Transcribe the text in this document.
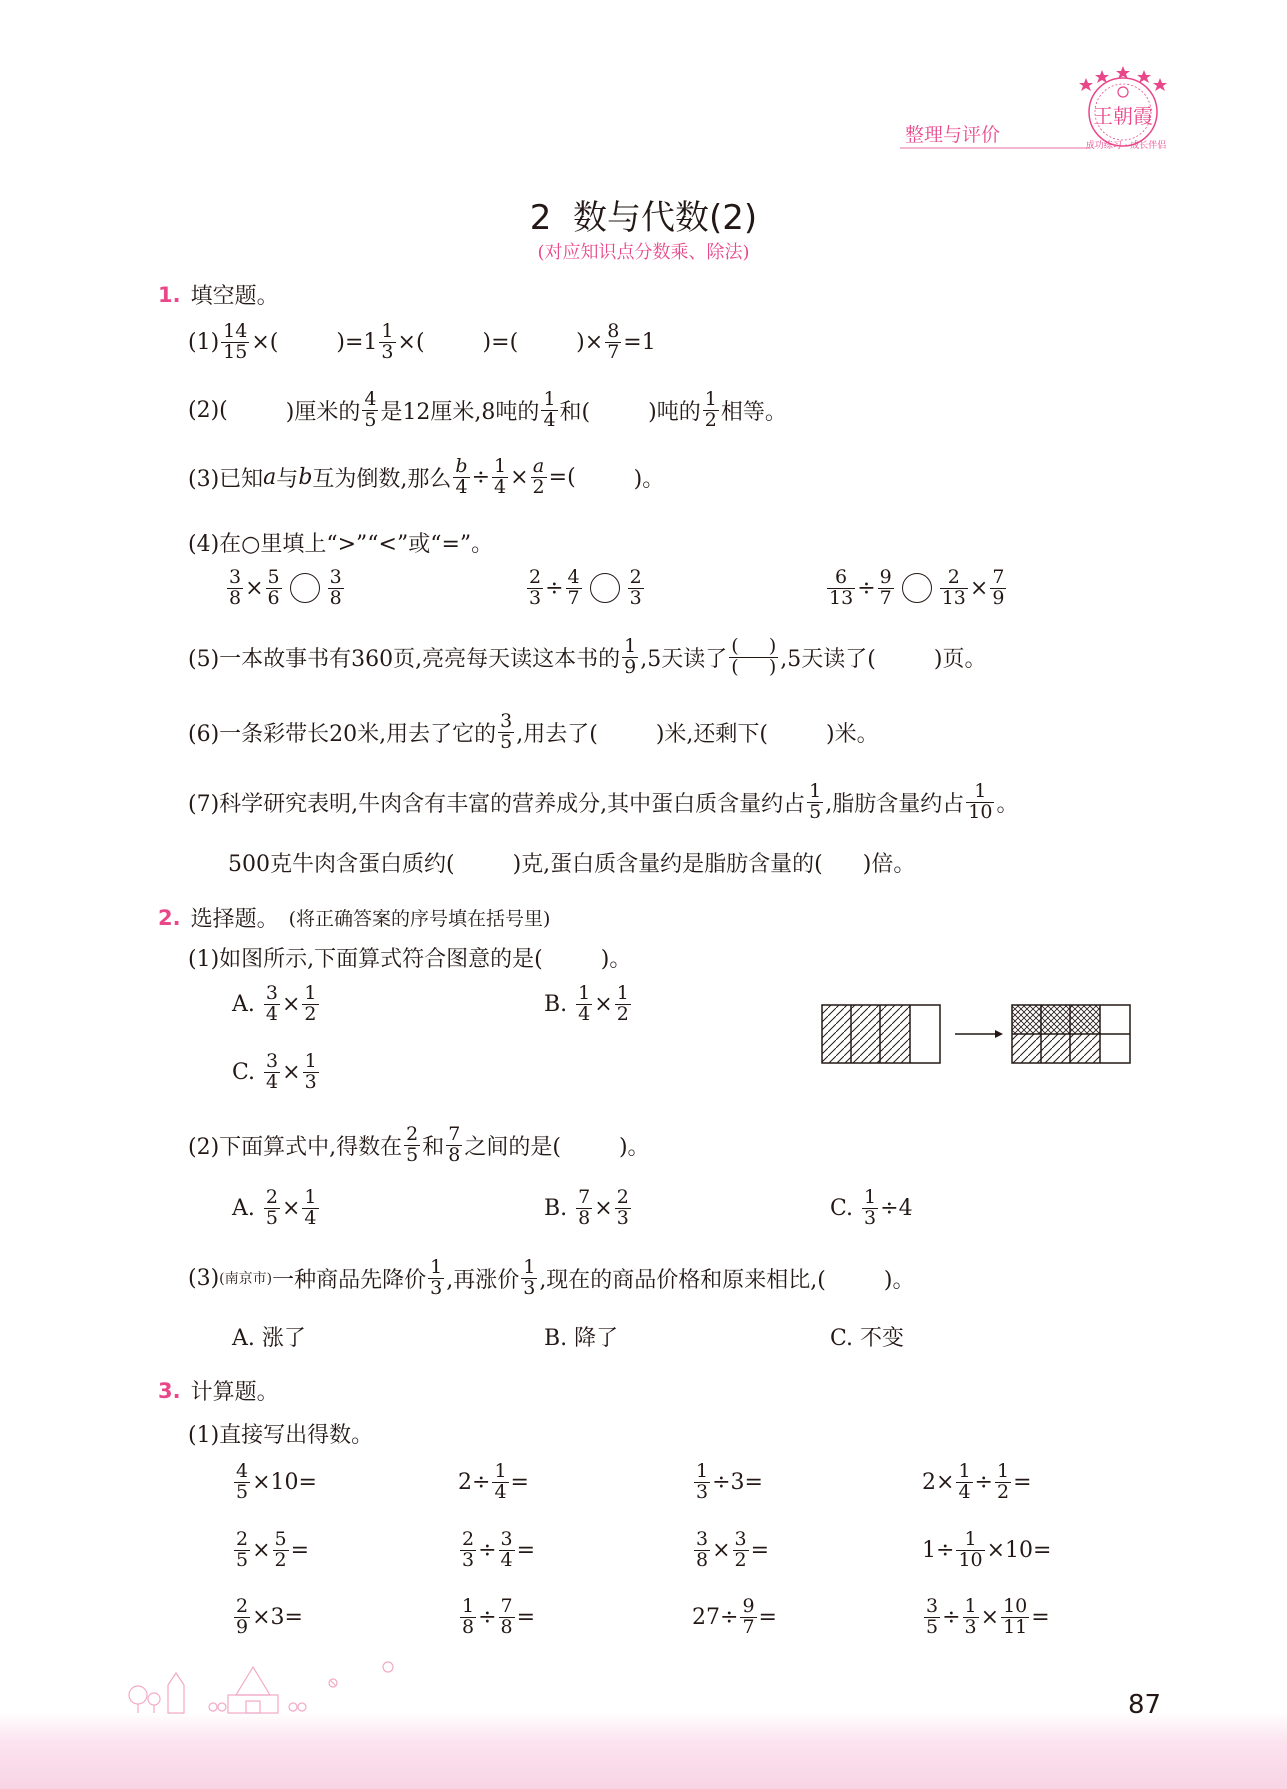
整理与评价
王朝霞
成功练习 · 成长伴侣
2  数与代数(2)
(对应知识点分数乘、除法)
1. 填空题。
$(1) \frac{14}{15}$ ×(	) $=1 \frac{1}{3}$ ×(	)=(	)× $\frac{8}{7} =1$
(2)(	)厘米的 $\frac{4}{5}$ 是12厘米,8吨的 $\frac{1}{4}$ 和(	)吨的 $\frac{1}{2}$ 相等。
(3)已知 a 与 b 互为倒数,那么 $\frac{b}{4} \div \frac{1}{4} \times \frac{a}{2}$ =(	)。
(4)在○里填上“>”“<”或“=”。
$\frac{3}{8} \times \frac{5}{6} \frac{3}{8}$	$\frac{2}{3} \div \frac{4}{7} \frac{2}{3}$	$\frac{6}{13} \div \frac{9}{7} \frac{2}{13} \times \frac{7}{9}$
(5)一本故事书有360页,亮亮每天读这本书的 $\frac{1}{9} ,5$天读了 $\frac{( )}{( )} ,5$天读了(	)页。
(6)一条彩带长20米,用去了它的 $\frac{3}{5}$ ,用去了(	)米,还剩下(	)米。
(7)科学研究表明,牛肉含有丰富的营养成分,其中蛋白质含量约占 $\frac{1}{5}$ ,脂肪含量约占 $\frac{1}{10}$ 。
500克牛肉含蛋白质约(	)克,蛋白质含量约是脂肪含量的( )倍。
2. 选择题。 (将正确答案的序号填在括号里)
(1)如图所示,下面算式符合图意的是(	)。
A.
$\frac{3}{4} \times \frac{1}{2}$	B.
$\frac{1}{4} \times \frac{1}{2}$
C.
$\frac{3}{4} \times \frac{1}{3}$
(2)下面算式中,得数在 $\frac{2}{5}$ 和 $\frac{7}{8}$ 之间的是(	)。
A.
$\frac{2}{5} \times \frac{1}{4}$	B.
$\frac{7}{8} \times \frac{2}{3}$	C.
$\frac{1}{3} \div 4$
(3) (南京市) 一种商品先降价 $\frac{1}{3}$ ,再涨价 $\frac{1}{3}$ ,现在的商品价格和原来相比,(	)。
A. 涨了	B. 降了	C. 不变
3. 计算题。
(1)直接写出得数。
$\frac{4}{5} \times 10=$	$2\div \frac{1}{4}$ =	$\frac{1}{3} \div 3=$	$2\times \frac{1}{4} \div \frac{1}{2}$ =
$\frac{2}{5} \times \frac{5}{2}$ =	$\frac{2}{3} \div \frac{3}{4}$ =	$\frac{3}{8} \times \frac{3}{2}$ =	$1\div \frac{1}{10} \times 10=$
$\frac{2}{9} \times 3=$	$\frac{1}{8} \div \frac{7}{8}$ =	$27\div \frac{9}{7}$ =	$\frac{3}{5} \div \frac{1}{3} \times \frac{10}{11}$ =
87
